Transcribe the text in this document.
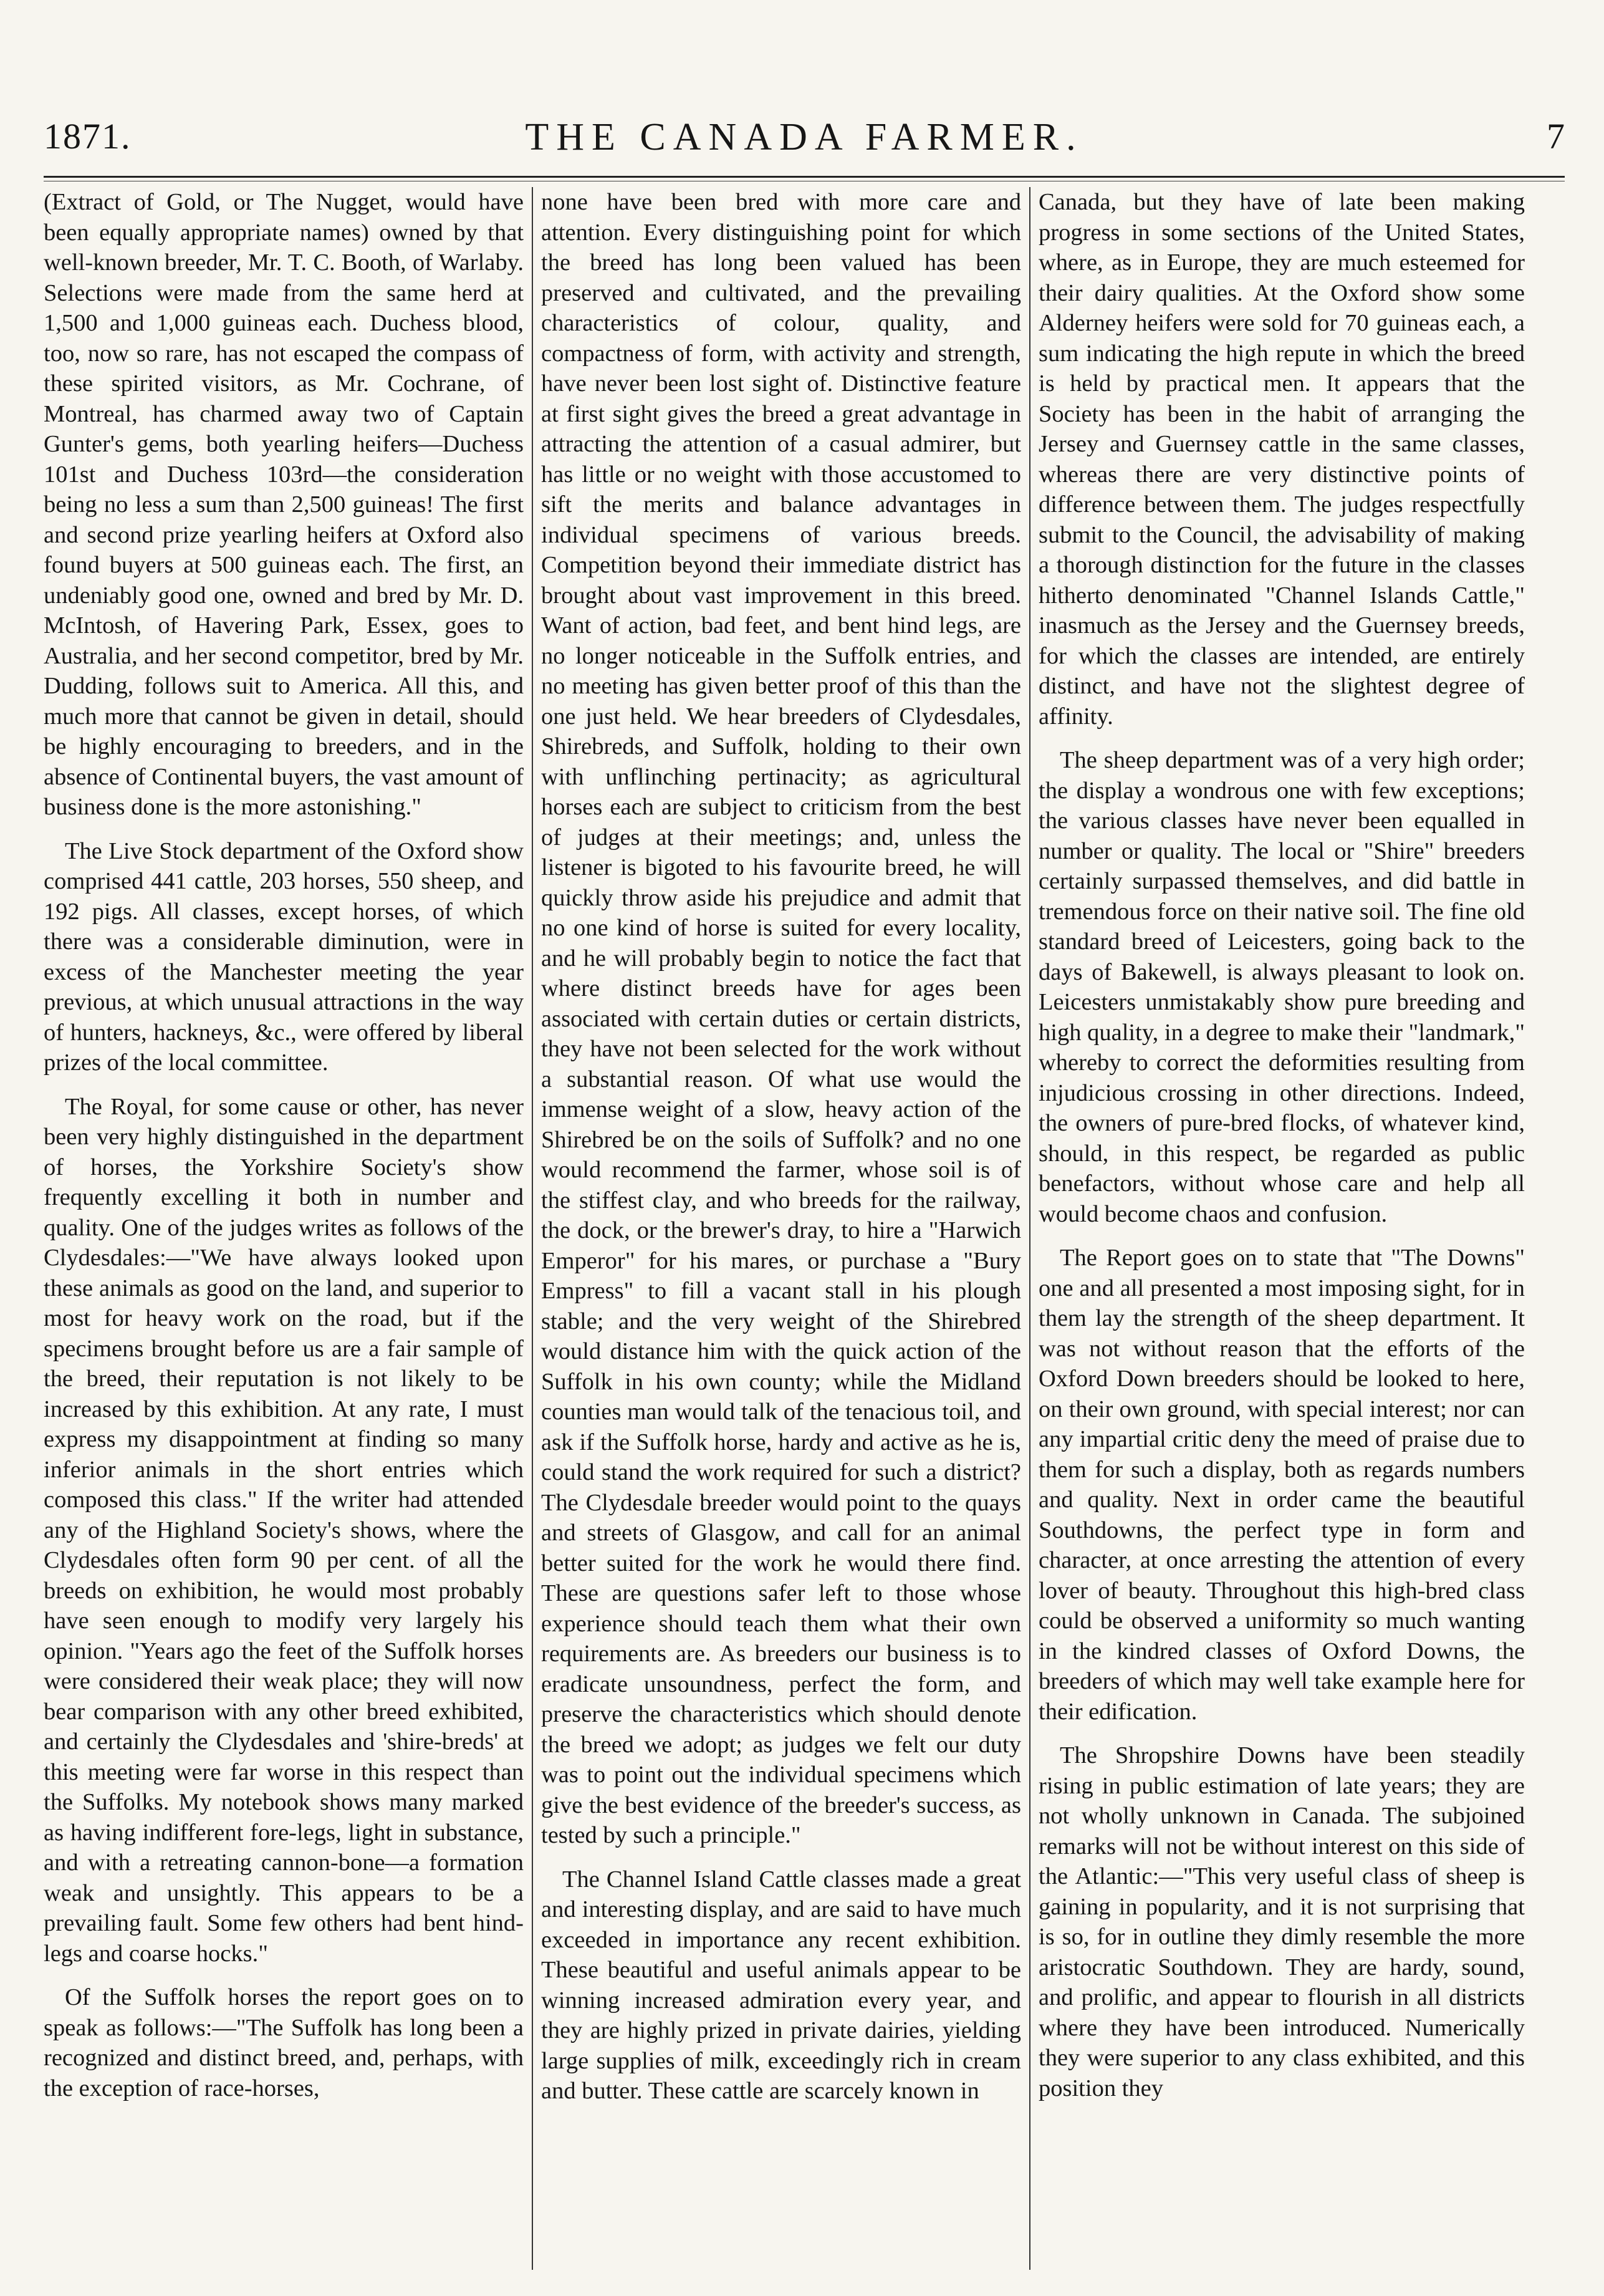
1871.	THE CANADA FARMER.	7

(Extract of Gold, or The Nugget, would have been equally appropriate names) owned by that well-known breeder, Mr. T. C. Booth, of Warlaby. Selections were made from the same herd at 1,500 and 1,000 guineas each. Duchess blood, too, now so rare, has not escaped the compass of these spirited visitors, as Mr. Cochrane, of Montreal, has charmed away two of Captain Gunter's gems, both yearling heifers—Duchess 101st and Duchess 103rd—the consideration being no less a sum than 2,500 guineas! The first and second prize yearling heifers at Oxford also found buyers at 500 guineas each. The first, an undeniably good one, owned and bred by Mr. D. McIntosh, of Havering Park, Essex, goes to Australia, and her second competitor, bred by Mr. Dudding, follows suit to America. All this, and much more that cannot be given in detail, should be highly encouraging to breeders, and in the absence of Continental buyers, the vast amount of business done is the more astonishing."

The Live Stock department of the Oxford show comprised 441 cattle, 203 horses, 550 sheep, and 192 pigs. All classes, except horses, of which there was a considerable diminution, were in excess of the Manchester meeting the year previous, at which unusual attractions in the way of hunters, hackneys, &c., were offered by liberal prizes of the local committee.

The Royal, for some cause or other, has never been very highly distinguished in the department of horses, the Yorkshire Society's show frequently excelling it both in number and quality. One of the judges writes as follows of the Clydesdales:—"We have always looked upon these animals as good on the land, and superior to most for heavy work on the road, but if the specimens brought before us are a fair sample of the breed, their reputation is not likely to be increased by this exhibition. At any rate, I must express my disappointment at finding so many inferior animals in the short entries which composed this class." If the writer had attended any of the Highland Society's shows, where the Clydesdales often form 90 per cent. of all the breeds on exhibition, he would most probably have seen enough to modify very largely his opinion. "Years ago the feet of the Suffolk horses were considered their weak place; they will now bear comparison with any other breed exhibited, and certainly the Clydesdales and 'shire-breds' at this meeting were far worse in this respect than the Suffolks. My notebook shows many marked as having indifferent fore-legs, light in substance, and with a retreating cannon-bone—a formation weak and unsightly. This appears to be a prevailing fault. Some few others had bent hind-legs and coarse hocks."

Of the Suffolk horses the report goes on to speak as follows:—"The Suffolk has long been a recognized and distinct breed, and, perhaps, with the exception of race-horses,

none have been bred with more care and attention. Every distinguishing point for which the breed has long been valued has been preserved and cultivated, and the prevailing characteristics of colour, quality, and compactness of form, with activity and strength, have never been lost sight of. Distinctive feature at first sight gives the breed a great advantage in attracting the attention of a casual admirer, but has little or no weight with those accustomed to sift the merits and balance advantages in individual specimens of various breeds. Competition beyond their immediate district has brought about vast improvement in this breed. Want of action, bad feet, and bent hind legs, are no longer noticeable in the Suffolk entries, and no meeting has given better proof of this than the one just held. We hear breeders of Clydesdales, Shirebreds, and Suffolk, holding to their own with unflinching pertinacity; as agricultural horses each are subject to criticism from the best of judges at their meetings; and, unless the listener is bigoted to his favourite breed, he will quickly throw aside his prejudice and admit that no one kind of horse is suited for every locality, and he will probably begin to notice the fact that where distinct breeds have for ages been associated with certain duties or certain districts, they have not been selected for the work without a substantial reason. Of what use would the immense weight of a slow, heavy action of the Shirebred be on the soils of Suffolk? and no one would recommend the farmer, whose soil is of the stiffest clay, and who breeds for the railway, the dock, or the brewer's dray, to hire a "Harwich Emperor" for his mares, or purchase a "Bury Empress" to fill a vacant stall in his plough stable; and the very weight of the Shirebred would distance him with the quick action of the Suffolk in his own county; while the Midland counties man would talk of the tenacious toil, and ask if the Suffolk horse, hardy and active as he is, could stand the work required for such a district? The Clydesdale breeder would point to the quays and streets of Glasgow, and call for an animal better suited for the work he would there find. These are questions safer left to those whose experience should teach them what their own requirements are. As breeders our business is to eradicate unsoundness, perfect the form, and preserve the characteristics which should denote the breed we adopt; as judges we felt our duty was to point out the individual specimens which give the best evidence of the breeder's success, as tested by such a principle."

The Channel Island Cattle classes made a great and interesting display, and are said to have much exceeded in importance any recent exhibition. These beautiful and useful animals appear to be winning increased admiration every year, and they are highly prized in private dairies, yielding large supplies of milk, exceedingly rich in cream and butter. These cattle are scarcely known in

Canada, but they have of late been making progress in some sections of the United States, where, as in Europe, they are much esteemed for their dairy qualities. At the Oxford show some Alderney heifers were sold for 70 guineas each, a sum indicating the high repute in which the breed is held by practical men. It appears that the Society has been in the habit of arranging the Jersey and Guernsey cattle in the same classes, whereas there are very distinctive points of difference between them. The judges respectfully submit to the Council, the advisability of making a thorough distinction for the future in the classes hitherto denominated "Channel Islands Cattle," inasmuch as the Jersey and the Guernsey breeds, for which the classes are intended, are entirely distinct, and have not the slightest degree of affinity.

The sheep department was of a very high order; the display a wondrous one with few exceptions; the various classes have never been equalled in number or quality. The local or "Shire" breeders certainly surpassed themselves, and did battle in tremendous force on their native soil. The fine old standard breed of Leicesters, going back to the days of Bakewell, is always pleasant to look on. Leicesters unmistakably show pure breeding and high quality, in a degree to make their "landmark," whereby to correct the deformities resulting from injudicious crossing in other directions. Indeed, the owners of pure-bred flocks, of whatever kind, should, in this respect, be regarded as public benefactors, without whose care and help all would become chaos and confusion.

The Report goes on to state that "The Downs" one and all presented a most imposing sight, for in them lay the strength of the sheep department. It was not without reason that the efforts of the Oxford Down breeders should be looked to here, on their own ground, with special interest; nor can any impartial critic deny the meed of praise due to them for such a display, both as regards numbers and quality. Next in order came the beautiful Southdowns, the perfect type in form and character, at once arresting the attention of every lover of beauty. Throughout this high-bred class could be observed a uniformity so much wanting in the kindred classes of Oxford Downs, the breeders of which may well take example here for their edification.

The Shropshire Downs have been steadily rising in public estimation of late years; they are not wholly unknown in Canada. The subjoined remarks will not be without interest on this side of the Atlantic:—"This very useful class of sheep is gaining in popularity, and it is not surprising that is so, for in outline they dimly resemble the more aristocratic Southdown. They are hardy, sound, and prolific, and appear to flourish in all districts where they have been introduced. Numerically they were superior to any class exhibited, and this position they
